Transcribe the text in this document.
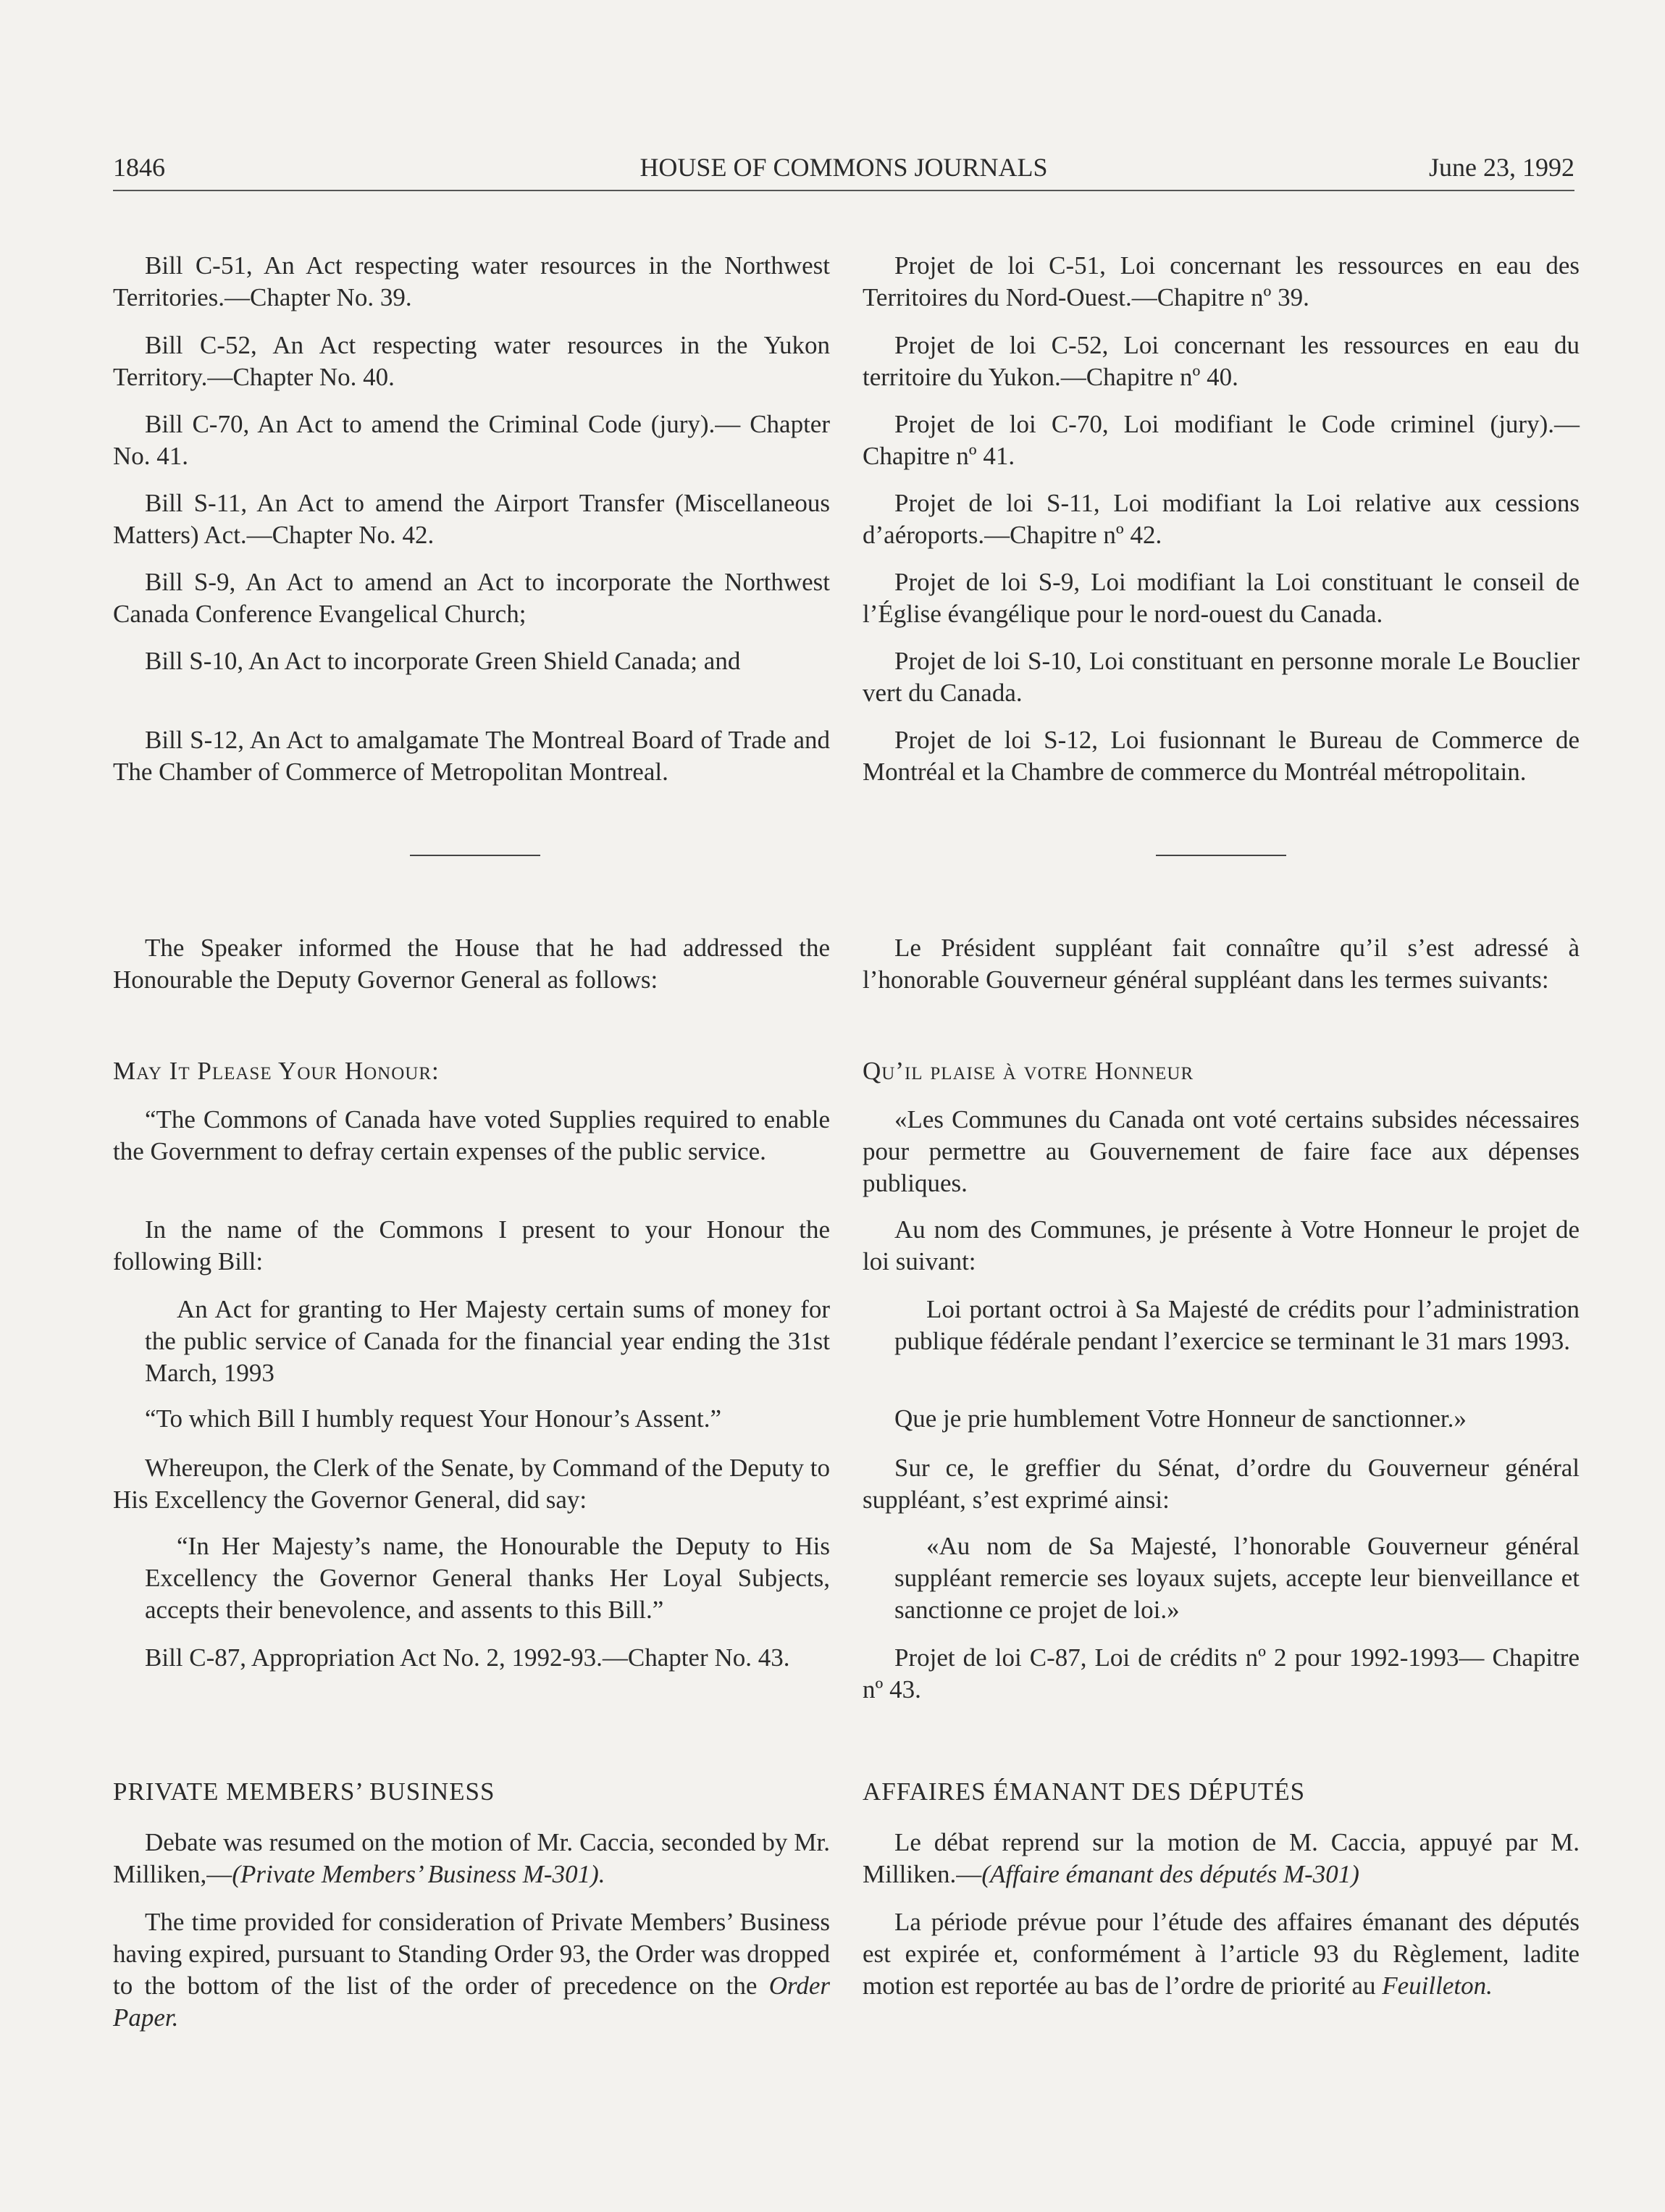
1846	HOUSE OF COMMONS JOURNALS	June 23, 1992

Bill C-51, An Act respecting water resources in the Northwest Territories.—Chapter No. 39.

Bill C-52, An Act respecting water resources in the Yukon Territory.—Chapter No. 40.

Bill C-70, An Act to amend the Criminal Code (jury).— Chapter No. 41.

Bill S-11, An Act to amend the Airport Transfer (Miscellaneous Matters) Act.—Chapter No. 42.

Bill S-9, An Act to amend an Act to incorporate the Northwest Canada Conference Evangelical Church;

Bill S-10, An Act to incorporate Green Shield Canada; and

Bill S-12, An Act to amalgamate The Montreal Board of Trade and The Chamber of Commerce of Metropolitan Montreal.

The Speaker informed the House that he had addressed the Honourable the Deputy Governor General as follows:

May It Please Your Honour:

“The Commons of Canada have voted Supplies required to enable the Government to defray certain expenses of the public service.

In the name of the Commons I present to your Honour the following Bill:

An Act for granting to Her Majesty certain sums of money for the public service of Canada for the financial year ending the 31st March, 1993

“To which Bill I humbly request Your Honour’s Assent.”

Whereupon, the Clerk of the Senate, by Command of the Deputy to His Excellency the Governor General, did say:

“In Her Majesty’s name, the Honourable the Deputy to His Excellency the Governor General thanks Her Loyal Subjects, accepts their benevolence, and assents to this Bill.”

Bill C-87, Appropriation Act No. 2, 1992-93.—Chapter No. 43.

PRIVATE MEMBERS’ BUSINESS

Debate was resumed on the motion of Mr. Caccia, seconded by Mr. Milliken,—(Private Members’ Business M-301).

The time provided for consideration of Private Members’ Business having expired, pursuant to Standing Order 93, the Order was dropped to the bottom of the list of the order of precedence on the Order Paper.

Projet de loi C-51, Loi concernant les ressources en eau des Territoires du Nord-Ouest.—Chapitre nº 39.

Projet de loi C-52, Loi concernant les ressources en eau du territoire du Yukon.—Chapitre nº 40.

Projet de loi C-70, Loi modifiant le Code criminel (jury).—Chapitre nº 41.

Projet de loi S-11, Loi modifiant la Loi relative aux cessions d’aéroports.—Chapitre nº 42.

Projet de loi S-9, Loi modifiant la Loi constituant le conseil de l’Église évangélique pour le nord-ouest du Canada.

Projet de loi S-10, Loi constituant en personne morale Le Bouclier vert du Canada.

Projet de loi S-12, Loi fusionnant le Bureau de Commerce de Montréal et la Chambre de commerce du Montréal métropolitain.

Le Président suppléant fait connaître qu’il s’est adressé à l’honorable Gouverneur général suppléant dans les termes suivants:

Qu’il plaise à votre Honneur

«Les Communes du Canada ont voté certains subsides nécessaires pour permettre au Gouvernement de faire face aux dépenses publiques.

Au nom des Communes, je présente à Votre Honneur le projet de loi suivant:

Loi portant octroi à Sa Majesté de crédits pour l’administration publique fédérale pendant l’exercice se terminant le 31 mars 1993.

Que je prie humblement Votre Honneur de sanctionner.»

Sur ce, le greffier du Sénat, d’ordre du Gouverneur général suppléant, s’est exprimé ainsi:

«Au nom de Sa Majesté, l’honorable Gouverneur général suppléant remercie ses loyaux sujets, accepte leur bienveillance et sanctionne ce projet de loi.»

Projet de loi C-87, Loi de crédits nº 2 pour 1992-1993— Chapitre nº 43.

AFFAIRES ÉMANANT DES DÉPUTÉS

Le débat reprend sur la motion de M. Caccia, appuyé par M. Milliken.—(Affaire émanant des députés M-301)

La période prévue pour l’étude des affaires émanant des députés est expirée et, conformément à l’article 93 du Règlement, ladite motion est reportée au bas de l’ordre de priorité au Feuilleton.
